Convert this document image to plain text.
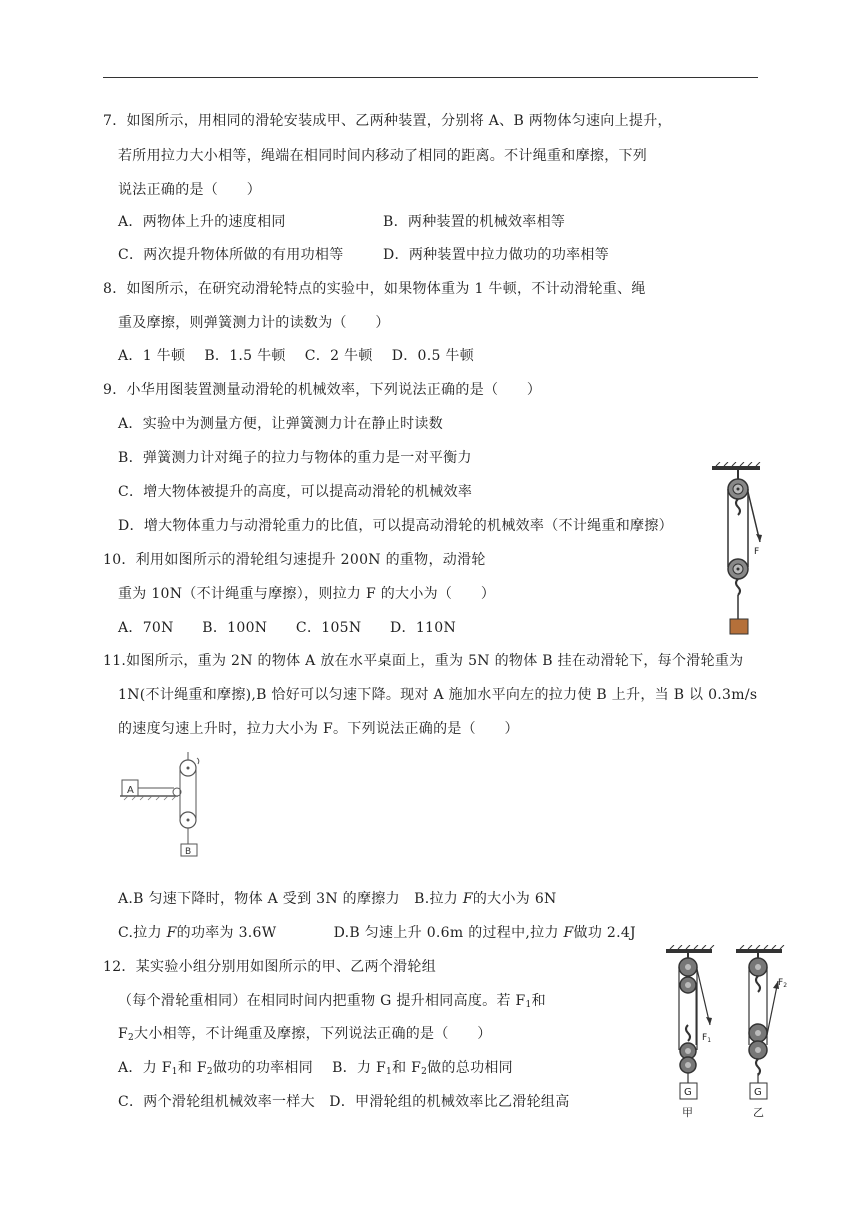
7．如图所示，用相同的滑轮安装成甲、乙两种装置，分别将 A、B 两物体匀速向上提升，
若所用拉力大小相等，绳端在相同时间内移动了相同的距离。不计绳重和摩擦，下列
说法正确的是（　　）
A．两物体上升的速度相同	B．两种装置的机械效率相等
C．两次提升物体所做的有用功相等	D．两种装置中拉力做功的功率相等
8．如图所示，在研究动滑轮特点的实验中，如果物体重为 1 牛顿，不计动滑轮重、绳
重及摩擦，则弹簧测力计的读数为（　　）
A．1 牛顿　 B．1.5 牛顿　 C．2 牛顿　 D．0.5 牛顿
9．小华用图装置测量动滑轮的机械效率，下列说法正确的是（　　）
A．实验中为测量方便，让弹簧测力计在静止时读数
B．弹簧测力计对绳子的拉力与物体的重力是一对平衡力
C．增大物体被提升的高度，可以提高动滑轮的机械效率
D．增大物体重力与动滑轮重力的比值，可以提高动滑轮的机械效率（不计绳重和摩擦）
10．利用如图所示的滑轮组匀速提升 200N 的重物，动滑轮
重为 10N（不计绳重与摩擦），则拉力 F 的大小为（　　）
A．70N　　B．100N　　C．105N　　D．110N
F
11.如图所示，重为 2N 的物体 A 放在水平桌面上，重为 5N 的物体 B 挂在动滑轮下，每个滑轮重为
1N(不计绳重和摩擦),B 恰好可以匀速下降。现对 A 施加水平向左的拉力使 B 上升，当 B 以 0.3m/s
的速度匀速上升时，拉力大小为 F。下列说法正确的是（　　）
A
B
A.B 匀速下降时，物体 A 受到 3N 的摩擦力　B.拉力 F的大小为 6N
C.拉力 F的功率为 3.6W　　　　D.B 匀速上升 0.6m 的过程中,拉力 F做功 2.4J
12．某实验小组分别用如图所示的甲、乙两个滑轮组
（每个滑轮重相同）在相同时间内把重物 G 提升相同高度。若 $F_1$和
$F_2$大小相等，不计绳重及摩擦，下列说法正确的是（　　）
A．力 $F_1$和 $F_2$做功的功率相同　 B．力 $F_1$和 $F_2$做的总功相同
C．两个滑轮组机械效率一样大　D．甲滑轮组的机械效率比乙滑轮组高
$F_1$
G
甲
$F_2$
G
乙
